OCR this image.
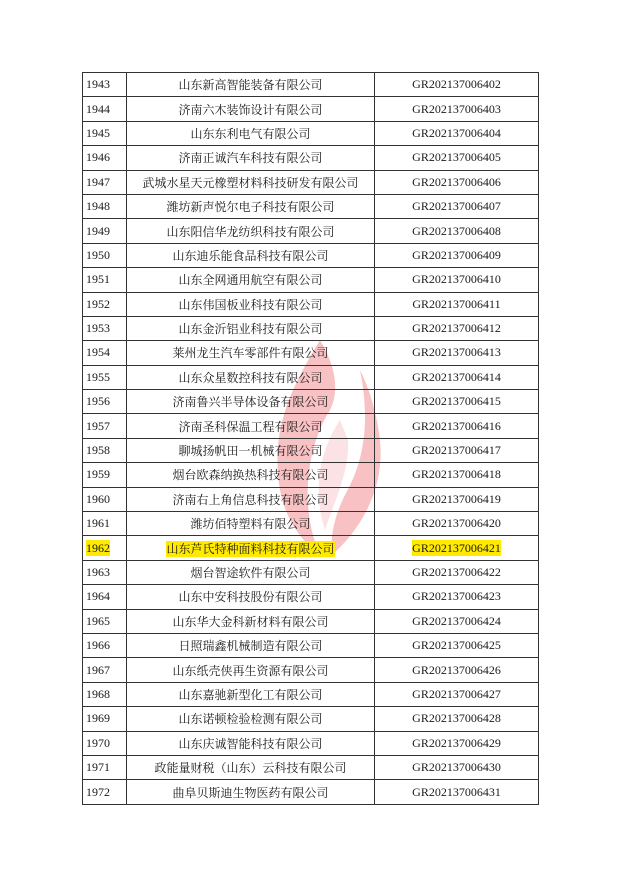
1943	山东新高智能装备有限公司	GR202137006402
1944	济南六木装饰设计有限公司	GR202137006403
1945	山东东利电气有限公司	GR202137006404
1946	济南正诚汽车科技有限公司	GR202137006405
1947	武城水星天元橡塑材料科技研发有限公司	GR202137006406
1948	潍坊新声悦尔电子科技有限公司	GR202137006407
1949	山东阳信华龙纺织科技有限公司	GR202137006408
1950	山东迪乐能食品科技有限公司	GR202137006409
1951	山东全网通用航空有限公司	GR202137006410
1952	山东伟国板业科技有限公司	GR202137006411
1953	山东金沂铝业科技有限公司	GR202137006412
1954	莱州龙生汽车零部件有限公司	GR202137006413
1955	山东众星数控科技有限公司	GR202137006414
1956	济南鲁兴半导体设备有限公司	GR202137006415
1957	济南圣科保温工程有限公司	GR202137006416
1958	聊城扬帆田一机械有限公司	GR202137006417
1959	烟台欧森纳换热科技有限公司	GR202137006418
1960	济南右上角信息科技有限公司	GR202137006419
1961	潍坊佰特塑料有限公司	GR202137006420
1962	山东芦氏特种面料科技有限公司	GR202137006421
1963	烟台智途软件有限公司	GR202137006422
1964	山东中安科技股份有限公司	GR202137006423
1965	山东华大金科新材料有限公司	GR202137006424
1966	日照瑞鑫机械制造有限公司	GR202137006425
1967	山东纸壳侠再生资源有限公司	GR202137006426
1968	山东嘉驰新型化工有限公司	GR202137006427
1969	山东诺顿检验检测有限公司	GR202137006428
1970	山东庆诚智能科技有限公司	GR202137006429
1971	政能量财税（山东）云科技有限公司	GR202137006430
1972	曲阜贝斯迪生物医药有限公司	GR202137006431
